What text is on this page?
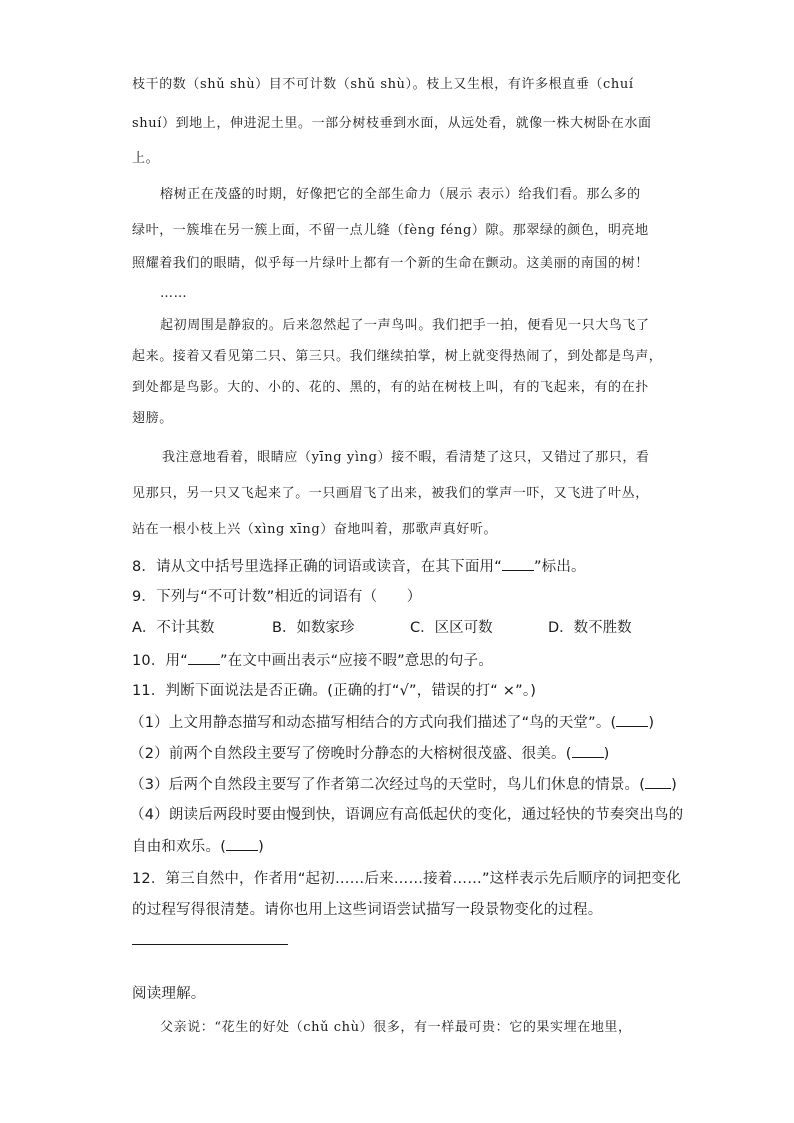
枝干的数（shǔ shù）目不可计数（shǔ shù）。枝上又生根，有许多根直垂（chuí
shuí）到地上，伸进泥土里。一部分树枝垂到水面，从远处看，就像一株大树卧在水面
上。
榕树正在茂盛的时期，好像把它的全部生命力（展示 表示）给我们看。那么多的
绿叶，一簇堆在另一簇上面，不留一点儿缝（fèng féng）隙。那翠绿的颜色，明亮地
照耀着我们的眼睛，似乎每一片绿叶上都有一个新的生命在颤动。这美丽的南国的树！
……
起初周围是静寂的。后来忽然起了一声鸟叫。我们把手一拍，便看见一只大鸟飞了
起来。接着又看见第二只、第三只。我们继续拍掌，树上就变得热闹了，到处都是鸟声，
到处都是鸟影。大的、小的、花的、黑的，有的站在树枝上叫，有的飞起来，有的在扑
翅膀。
我注意地看着，眼睛应（yīng yìng）接不暇，看清楚了这只，又错过了那只，看
见那只，另一只又飞起来了。一只画眉飞了出来，被我们的掌声一吓，又飞进了叶丛，
站在一根小枝上兴（xìng xīng）奋地叫着，那歌声真好听。
8．请从文中括号里选择正确的词语或读音，在其下面用“ ”标出。
9．下列与“不可计数”相近的词语有（　　）
A．不计其数	B．如数家珍	C．区区可数	D．数不胜数
10．用“ ”在文中画出表示“应接不暇”意思的句子。
11．判断下面说法是否正确。(正确的打“√”，错误的打“ ×”。)
（1）上文用静态描写和动态描写相结合的方式向我们描述了“鸟的天堂”。( )
（2）前两个自然段主要写了傍晚时分静态的大榕树很茂盛、很美。( )
（3）后两个自然段主要写了作者第二次经过鸟的天堂时，鸟儿们休息的情景。( )
（4）朗读后两段时要由慢到快，语调应有高低起伏的变化，通过轻快的节奏突出鸟的
自由和欢乐。( )
12．第三自然中，作者用“起初……后来……接着……”这样表示先后顺序的词把变化
的过程写得很清楚。请你也用上这些词语尝试描写一段景物变化的过程。
阅读理解。
父亲说：“花生的好处（chǔ chù）很多，有一样最可贵：它的果实埋在地里，
